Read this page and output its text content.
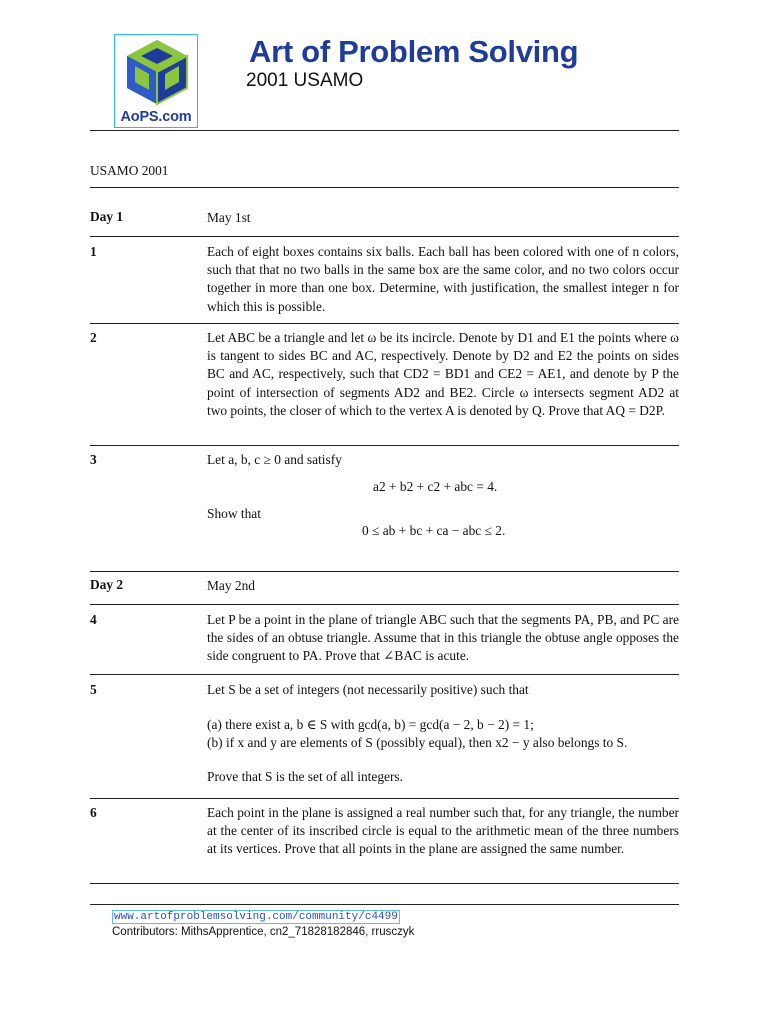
AoPS.com
Art of Problem Solving
2001 USAMO
USAMO 2001
Day 1	May 1st
1	Each of eight boxes contains six balls. Each ball has been colored with one of n colors, such that that no two balls in the same box are the same color, and no two colors occur together in more than one box. Determine, with justification, the smallest integer n for which this is possible.
2	Let ABC be a triangle and let ω be its incircle. Denote by D1 and E1 the points where ω is tangent to sides BC and AC, respectively. Denote by D2 and E2 the points on sides BC and AC, respectively, such that CD2 = BD1 and CE2 = AE1, and denote by P the point of intersection of segments AD2 and BE2. Circle ω intersects segment AD2 at two points, the closer of which to the vertex A is denoted by Q. Prove that AQ = D2P.
3	Let a, b, c ≥ 0 and satisfy
a2 + b2 + c2 + abc = 4.
Show that
0 ≤ ab + bc + ca − abc ≤ 2.
Day 2	May 2nd
4	Let P be a point in the plane of triangle ABC such that the segments PA, PB, and PC are the sides of an obtuse triangle. Assume that in this triangle the obtuse angle opposes the side congruent to PA. Prove that ∠BAC is acute.
5	Let S be a set of integers (not necessarily positive) such that
(a) there exist a, b ∈ S with gcd(a, b) = gcd(a − 2, b − 2) = 1;
(b) if x and y are elements of S (possibly equal), then x2 − y also belongs to S.
Prove that S is the set of all integers.
6	Each point in the plane is assigned a real number such that, for any triangle, the number at the center of its inscribed circle is equal to the arithmetic mean of the three numbers at its vertices. Prove that all points in the plane are assigned the same number.
www.artofproblemsolving.com/community/c4499
Contributors: MithsApprentice, cn2_71828182846, rrusczyk
